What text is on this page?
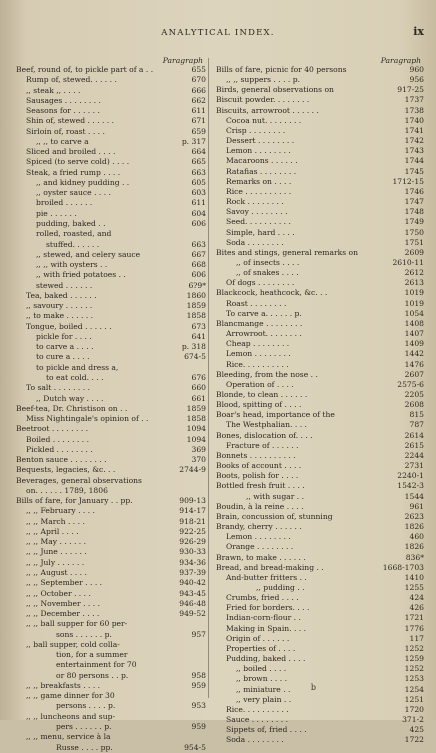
ANALYTICAL INDEX.	ix
Paragraph
Beef, round of, to pickle part of a . .	655
Rump of, stewed. . . . . .	670
,, steak ,, . . . .	666
Sausages . . . . . . . .	662
Seasons for . . . . . .	611
Shin of, stewed . . . . . .	671
Sirloin of, roast . . . .	659
,, ,, to carve a	p. 317
Sliced and broiled . . . .	664
Spiced (to serve cold) . . . .	665
Steak, a fried rump . . . .	663
,, and kidney pudding . .	605
,, oyster sauce . . . .	603
broiled . . . . . .	611
pie . . . . . .	604
pudding, baked . .	606
rolled, roasted, and
stuffed. . . . . .	663
,, stewed, and celery sauce	667
,, ,, with oysters . .	668
,, with fried potatoes . .	606
stewed . . . . . .	6?9*
Tea, baked . . . . . .	1860
,, savoury . . . . . .	1859
,, to make . . . . . .	1858
Tongue, boiled . . . . . .	673
pickle for . . . .	641
to carve a . . . .	p. 318
to cure a . . . .	674-5
to pickle and dress a,
to eat cold. . . .	676
To salt . . . . . . . .	660
,, Dutch way . . . .	661
Beef-tea, Dr. Christison on . .	1859
Miss Nightingale's opinion of . .	1858
Beetroot . . . . . . . .	1094
Boiled . . . . . . . .	1094
Pickled . . . . . . . .	369
Benton sauce . . . . . . . .	370
Bequests, legacies, &c. . .	2744-9
Beverages, general observations
on. . . . . . 1789, 1806
Bills of fare, for January . . pp.	909-13
,, ,, February . . . .	914-17
,, ,, March . . . .	918-21
,, ,, April . . . .	922-25
,, ,, May . . . . . .	926-29
,, ,, June . . . . . .	930-33
,, ,, July . . . . . .	934-36
,, ,, August . . . .	937-39
,, ,, September . . . .	940-42
,, ,, October . . . .	943-45
,, ,, November . . . .	946-48
,, ,, December . . . .	949-52
,, ,, ball supper for 60 per-
sons . . . . . . p.	957
,, ball supper, cold colla-
tion, for a summer
entertainment for 70
or 80 persons . . p.	958
,, ,, breakfasts . . . .	959
,, ,, game dinner for 30
persons . . . . p.	953
,, ,, luncheons and sup-
pers . . . . . . p.	959
,, ,, menu, service à la
Russe . . . . pp.	954-5
Paragraph
Bills of fare, picnic for 40 persons	960
,, ,, suppers . . . . p.	956
Birds, general observations on	917-25
Biscuit powder. . . . . . . .	1737
Biscuits, arrowroot . . . . . .	1738
Cocoa nut. . . . . . . .	1740
Crisp . . . . . . . .	1741
Dessert . . . . . . . .	1742
Lemon . . . . . . . .	1743
Macaroons . . . . . .	1744
Ratafias . . . . . . . .	1745
Remarks on . . . .	1712-15
Rice . . . . . . . . . .	1746
Rock . . . . . . . .	1747
Savoy . . . . . . . .	1748
Seed. . . . . . . . . .	1749
Simple, hard . . . .	1750
Soda . . . . . . . .	1751
Bites and stings, general remarks on	2609
,, of insects . . . .	2610-11
,, of snakes . . . .	2612
Of dogs . . . . . . . .	2613
Blackcock, heathcock, &c. . .	1019
Roast . . . . . . . .	1019
To carve a. . . . . . p.	1054
Blancmange . . . . . . . .	1408
Arrowroot. . . . . . . .	1407
Cheap . . . . . . . .	1409
Lemon . . . . . . . .	1442
Rice. . . . . . . . . .	1476
Bleeding, from the nose . .	2607
Operation of . . . .	2575-6
Blonde, to clean . . . . . .	2205
Blood, spitting of . . . .	2608
Boar's head, importance of the	815
The Westphalian. . . .	787
Bones, dislocation of. . . .	2614
Fracture of . . . . . .	2615
Bonnets . . . . . . . . . .	2244
Books of account . . . .	2731
Boots, polish for . . . .	2240-1
Bottled fresh fruit . . . .	1542-3
,, with sugar . .	1544
Boudin, à la reine . . . .	961
Brain, concussion of, stunning	2623
Brandy, cherry . . . . . .	1826
Lemon . . . . . . . .	460
Orange . . . . . . . .	1826
Brawn, to make . . . . . .	836*
Bread, and bread-making . .	1668-1703
And-butter fritters . .	1410
,, pudding . .	1255
Crumbs, fried . . . .	424
Fried for borders. . . .	426
Indian-corn-flour . .	1721
Making in Spain. . . .	1776
Origin of . . . . . .	117
Properties of . . . .	1252
Pudding, baked . . . .	1259
,, boiled . . . .	1252
,, brown . . . .	1253
,, miniature . .	1254
,, very plain . .	1251
Rice. . . . . . . . . .	1720
Sauce . . . . . . . .	371-2
Sippets of, fried . . . .	425
Soda . . . . . . . .	1722
b
